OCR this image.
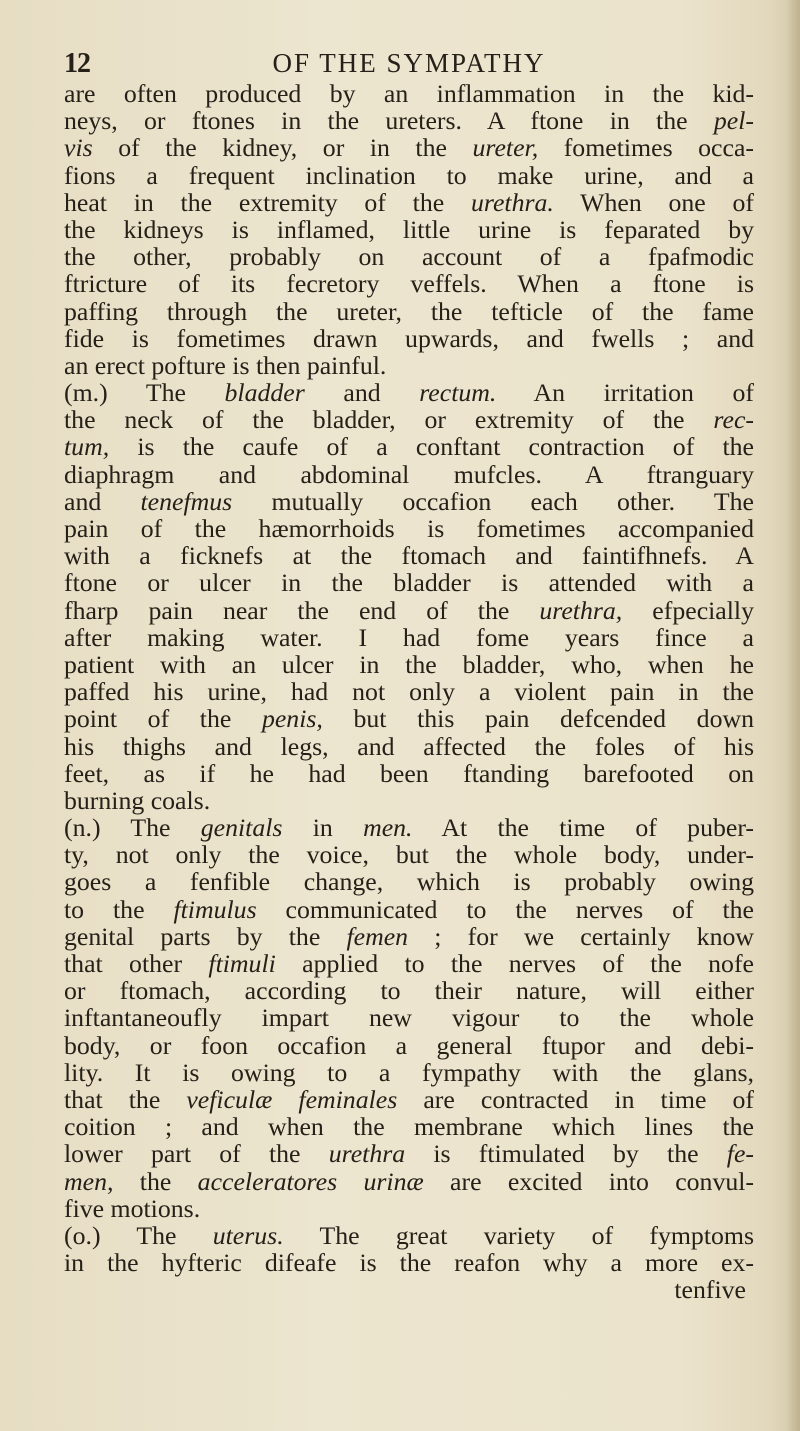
12	OF THE SYMPATHY
are often produced by an inflammation in the kid-
neys, or ftones in the ureters. A ftone in the pel-
vis of the kidney, or in the ureter, fometimes occa-
fions a frequent inclination to make urine, and a
heat in the extremity of the urethra. When one of
the kidneys is inflamed, little urine is feparated by
the other, probably on account of a fpafmodic
ftricture of its fecretory veffels. When a ftone is
paffing through the ureter, the tefticle of the fame
fide is fometimes drawn upwards, and fwells ; and
an erect pofture is then painful.
(m.) The bladder and rectum. An irritation of
the neck of the bladder, or extremity of the rec-
tum, is the caufe of a conftant contraction of the
diaphragm and abdominal mufcles. A ftranguary
and tenefmus mutually occafion each other. The
pain of the hæmorrhoids is fometimes accompanied
with a ficknefs at the ftomach and faintifhnefs. A
ftone or ulcer in the bladder is attended with a
fharp pain near the end of the urethra, efpecially
after making water. I had fome years fince a
patient with an ulcer in the bladder, who, when he
paffed his urine, had not only a violent pain in the
point of the penis, but this pain defcended down
his thighs and legs, and affected the foles of his
feet, as if he had been ftanding barefooted on
burning coals.
(n.) The genitals in men. At the time of puber-
ty, not only the voice, but the whole body, under-
goes a fenfible change, which is probably owing
to the ftimulus communicated to the nerves of the
genital parts by the femen ; for we certainly know
that other ftimuli applied to the nerves of the nofe
or ftomach, according to their nature, will either
inftantaneoufly impart new vigour to the whole
body, or foon occafion a general ftupor and debi-
lity. It is owing to a fympathy with the glans,
that the veficulæ feminales are contracted in time of
coition ; and when the membrane which lines the
lower part of the urethra is ftimulated by the fe-
men, the acceleratores urinæ are excited into convul-
five motions.
(o.) The uterus. The great variety of fymptoms
in the hyfteric difeafe is the reafon why a more ex-
tenfive
